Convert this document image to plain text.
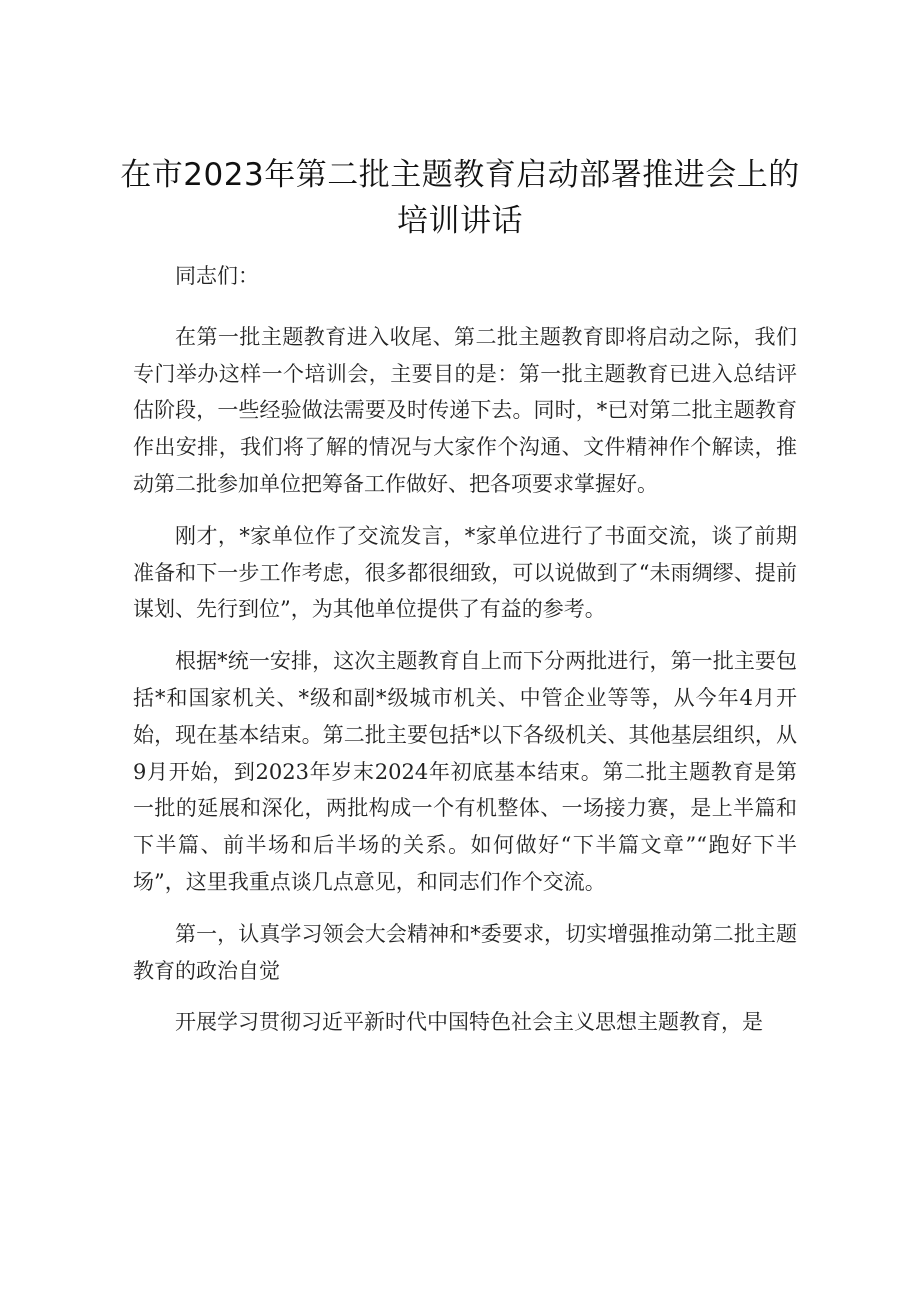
在市2023年第二批主题教育启动部署推进会上的培训讲话

同志们：

在第一批主题教育进入收尾、第二批主题教育即将启动之际，我们专门举办这样一个培训会，主要目的是：第一批主题教育已进入总结评估阶段，一些经验做法需要及时传递下去。同时，*已对第二批主题教育作出安排，我们将了解的情况与大家作个沟通、文件精神作个解读，推动第二批参加单位把筹备工作做好、把各项要求掌握好。

刚才，*家单位作了交流发言，*家单位进行了书面交流，谈了前期准备和下一步工作考虑，很多都很细致，可以说做到了“未雨绸缪、提前谋划、先行到位”，为其他单位提供了有益的参考。

根据*统一安排，这次主题教育自上而下分两批进行，第一批主要包括*和国家机关、*级和副*级城市机关、中管企业等等，从今年4月开始，现在基本结束。第二批主要包括*以下各级机关、其他基层组织，从9月开始，到2023年岁末2024年初底基本结束。第二批主题教育是第一批的延展和深化，两批构成一个有机整体、一场接力赛，是上半篇和下半篇、前半场和后半场的关系。如何做好“下半篇文章”“跑好下半场”，这里我重点谈几点意见，和同志们作个交流。

第一，认真学习领会大会精神和*委要求，切实增强推动第二批主题教育的政治自觉

开展学习贯彻习近平新时代中国特色社会主义思想主题教育，是
